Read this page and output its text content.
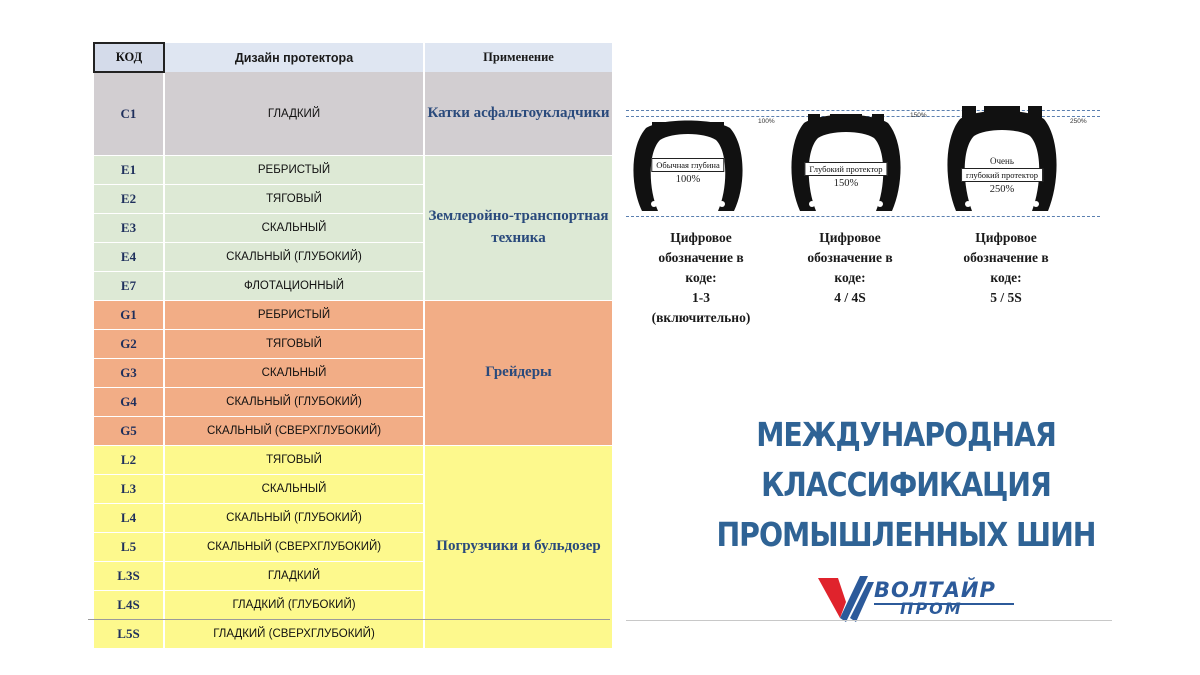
КОД	Дизайн протектора	Применение
C1	ГЛАДКИЙ	Катки асфальтоукладчики
E1	РЕБРИСТЫЙ	Землеройно-транспортная техника
E2	ТЯГОВЫЙ	
E3	СКАЛЬНЫЙ	
E4	СКАЛЬНЫЙ (ГЛУБОКИЙ)	
E7	ФЛОТАЦИОННЫЙ	
G1	РЕБРИСТЫЙ	Грейдеры
G2	ТЯГОВЫЙ	
G3	СКАЛЬНЫЙ	
G4	СКАЛЬНЫЙ (ГЛУБОКИЙ)	
G5	СКАЛЬНЫЙ (СВЕРХГЛУБОКИЙ)	
L2	ТЯГОВЫЙ	Погрузчики и бульдозер
L3	СКАЛЬНЫЙ	
L4	СКАЛЬНЫЙ (ГЛУБОКИЙ)	
L5	СКАЛЬНЫЙ (СВЕРХГЛУБОКИЙ)	
L3S	ГЛАДКИЙ	
L4S	ГЛАДКИЙ (ГЛУБОКИЙ)	
L5S	ГЛАДКИЙ (СВЕРХГЛУБОКИЙ)	
Обычная глубина
100%
100%
Глубокий протектор
150%
150%
Очень
глубокий протектор
250%
250%
Цифровое
обозначение в
коде:
1-3
(включительно)
Цифровое
обозначение в
коде:
4 / 4S
Цифровое
обозначение в
коде:
5 / 5S
МЕЖДУНАРОДНАЯ КЛАССИФИКАЦИЯ
ПРОМЫШЛЕННЫХ ШИН
ВОЛТАЙР
ПРОМ
